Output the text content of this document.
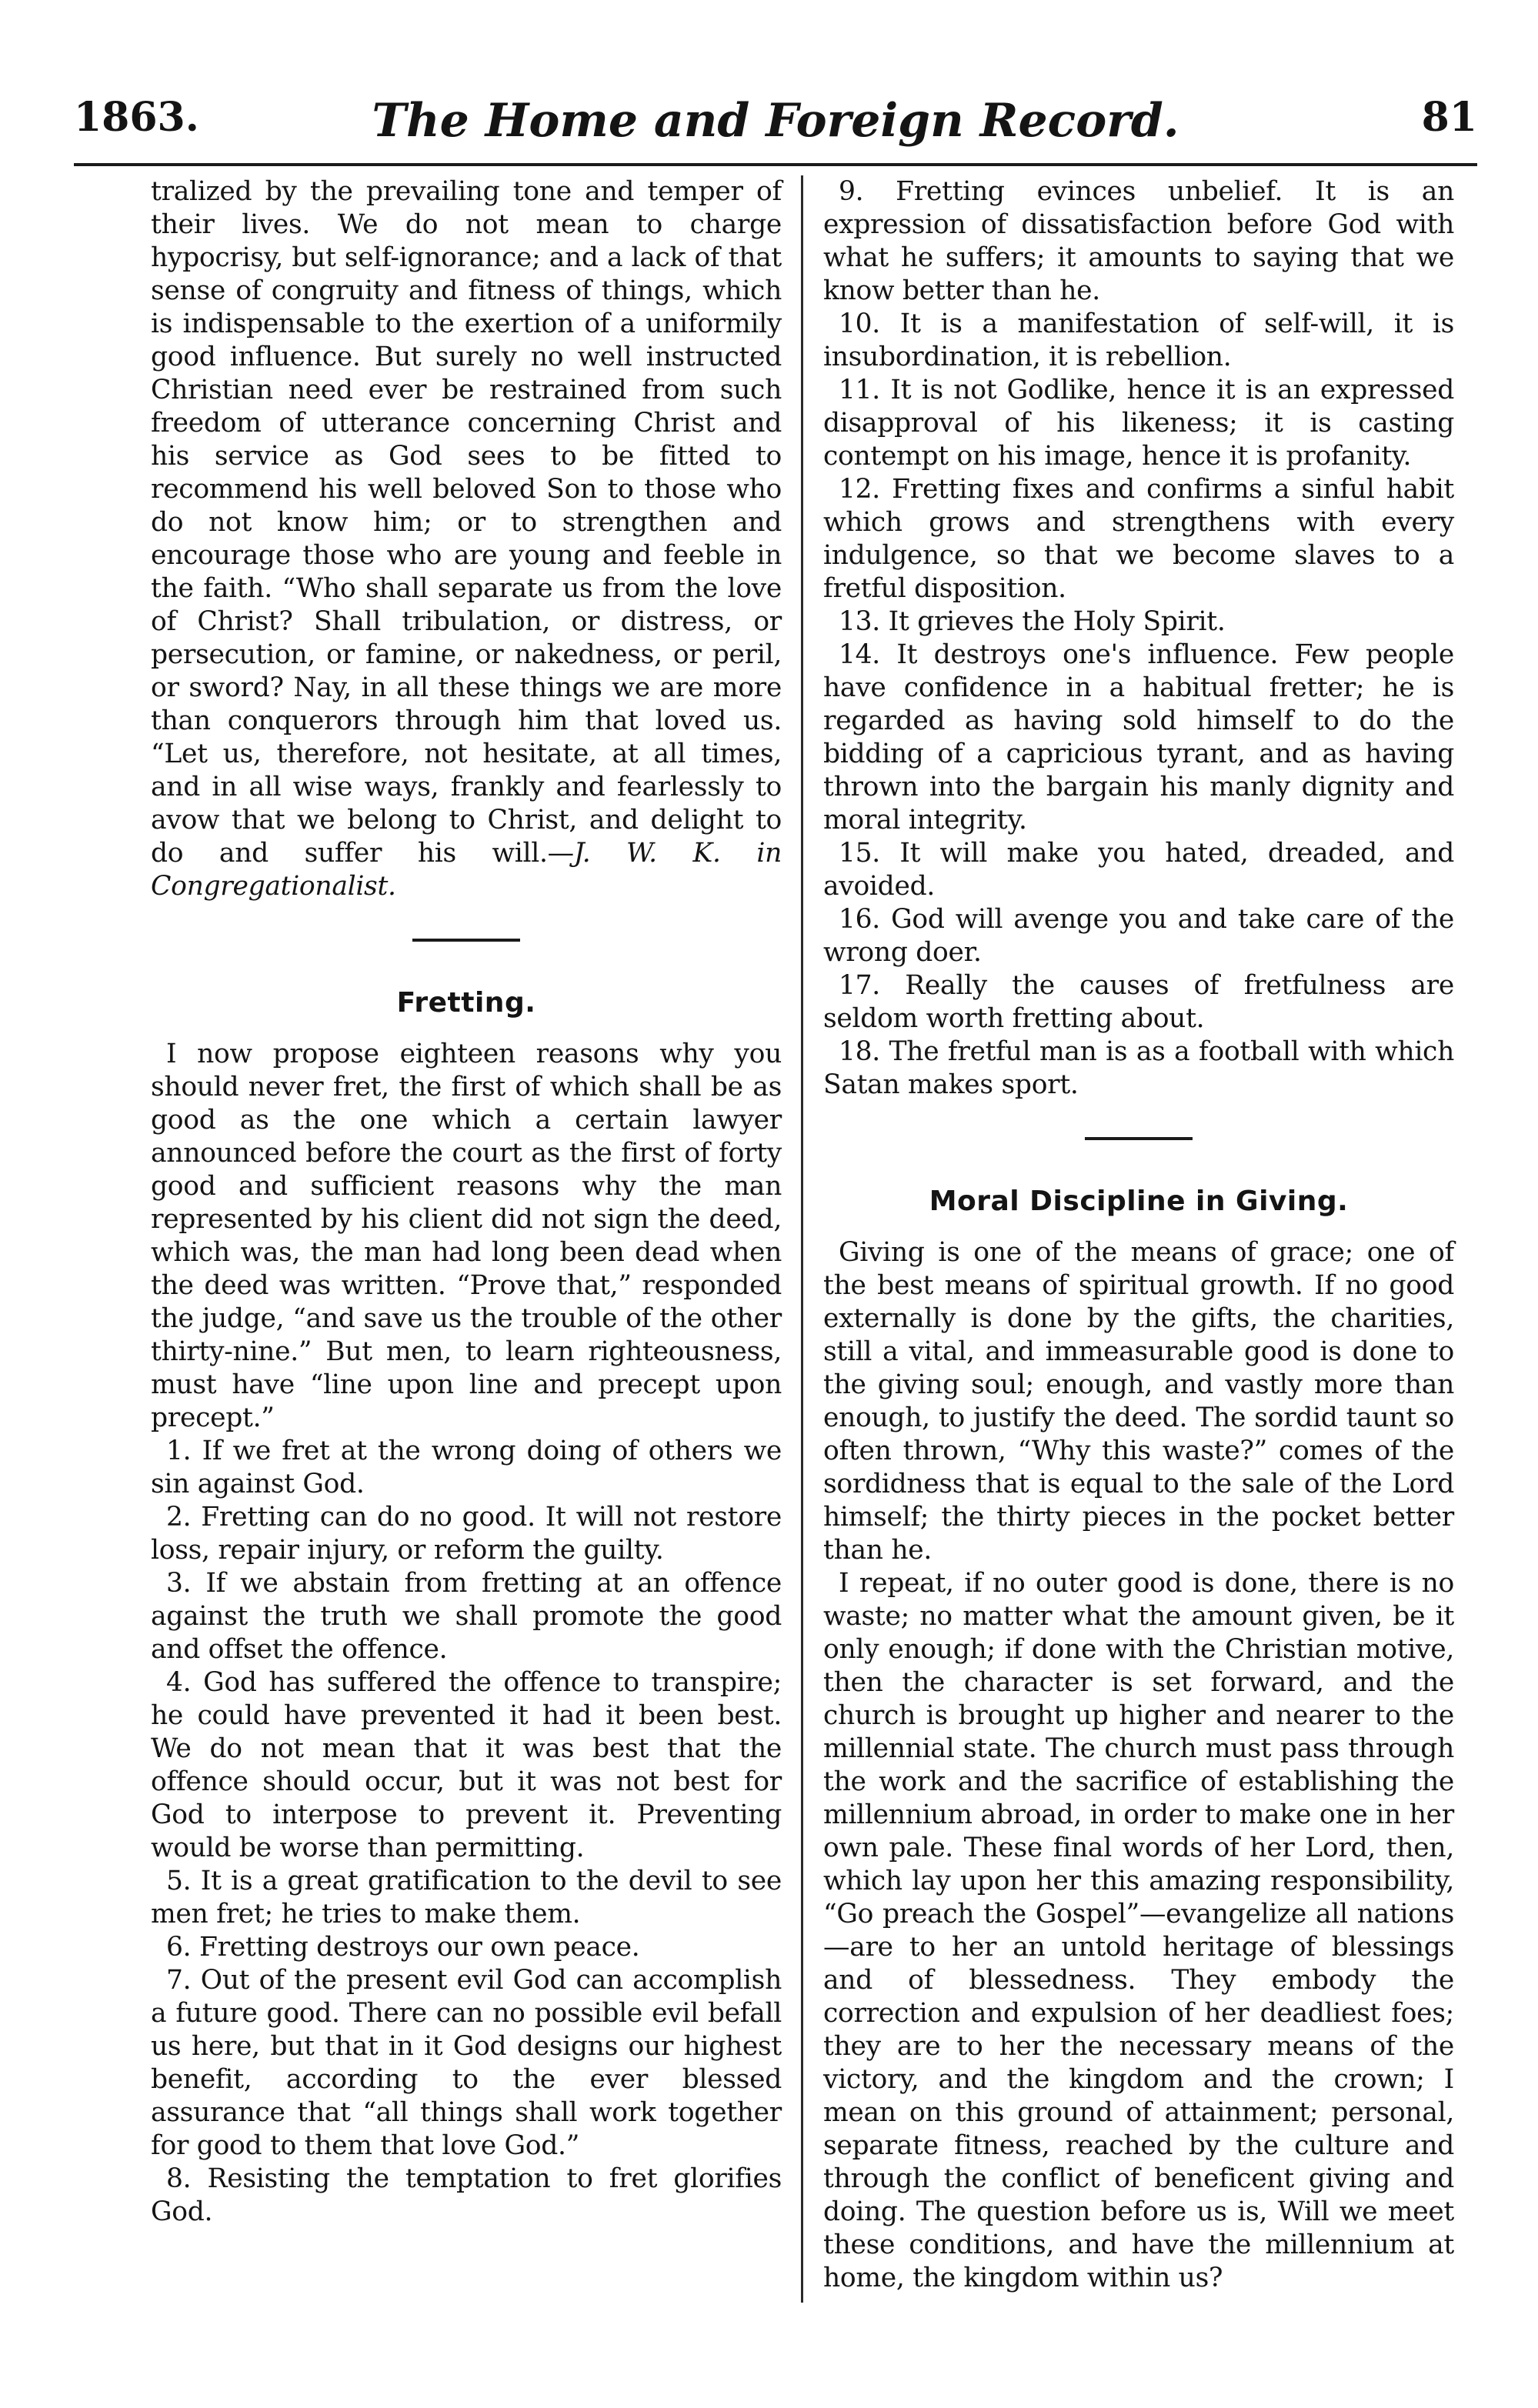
1863.	The Home and Foreign Record.	81

tralized by the prevailing tone and temper of their lives. We do not mean to charge hypocrisy, but self-ignorance; and a lack of that sense of congruity and fitness of things, which is indispensable to the exertion of a uniformily good influence. But surely no well instructed Christian need ever be restrained from such freedom of utterance concerning Christ and his service as God sees to be fitted to recommend his well beloved Son to those who do not know him; or to strengthen and encourage those who are young and feeble in the faith. “Who shall separate us from the love of Christ? Shall tribulation, or distress, or persecution, or famine, or nakedness, or peril, or sword? Nay, in all these things we are more than conquerors through him that loved us. “Let us, therefore, not hesitate, at all times, and in all wise ways, frankly and fearlessly to avow that we belong to Christ, and delight to do and suffer his will.—J. W. K. in Congregationalist.

Fretting.

I now propose eighteen reasons why you should never fret, the first of which shall be as good as the one which a certain lawyer announced before the court as the first of forty good and sufficient reasons why the man represented by his client did not sign the deed, which was, the man had long been dead when the deed was written. “Prove that,” responded the judge, “and save us the trouble of the other thirty-nine.” But men, to learn righteousness, must have “line upon line and precept upon precept.”

1. If we fret at the wrong doing of others we sin against God.

2. Fretting can do no good. It will not restore loss, repair injury, or reform the guilty.

3. If we abstain from fretting at an offence against the truth we shall promote the good and offset the offence.

4. God has suffered the offence to transpire; he could have prevented it had it been best. We do not mean that it was best that the offence should occur, but it was not best for God to interpose to prevent it. Preventing would be worse than permitting.

5. It is a great gratification to the devil to see men fret; he tries to make them.

6. Fretting destroys our own peace.

7. Out of the present evil God can accomplish a future good. There can no possible evil befall us here, but that in it God designs our highest benefit, according to the ever blessed assurance that “all things shall work together for good to them that love God.”

8. Resisting the temptation to fret glorifies God.

9. Fretting evinces unbelief. It is an expression of dissatisfaction before God with what he suffers; it amounts to saying that we know better than he.

10. It is a manifestation of self-will, it is insubordination, it is rebellion.

11. It is not Godlike, hence it is an expressed disapproval of his likeness; it is casting contempt on his image, hence it is profanity.

12. Fretting fixes and confirms a sinful habit which grows and strengthens with every indulgence, so that we become slaves to a fretful disposition.

13. It grieves the Holy Spirit.

14. It destroys one's influence. Few people have confidence in a habitual fretter; he is regarded as having sold himself to do the bidding of a capricious tyrant, and as having thrown into the bargain his manly dignity and moral integrity.

15. It will make you hated, dreaded, and avoided.

16. God will avenge you and take care of the wrong doer.

17. Really the causes of fretfulness are seldom worth fretting about.

18. The fretful man is as a football with which Satan makes sport.

Moral Discipline in Giving.

Giving is one of the means of grace; one of the best means of spiritual growth. If no good externally is done by the gifts, the charities, still a vital, and immeasurable good is done to the giving soul; enough, and vastly more than enough, to justify the deed. The sordid taunt so often thrown, “Why this waste?” comes of the sordidness that is equal to the sale of the Lord himself; the thirty pieces in the pocket better than he.

I repeat, if no outer good is done, there is no waste; no matter what the amount given, be it only enough; if done with the Christian motive, then the character is set forward, and the church is brought up higher and nearer to the millennial state. The church must pass through the work and the sacrifice of establishing the millennium abroad, in order to make one in her own pale. These final words of her Lord, then, which lay upon her this amazing responsibility, “Go preach the Gospel”—evangelize all nations —are to her an untold heritage of blessings and of blessedness. They embody the correction and expulsion of her deadliest foes; they are to her the necessary means of the victory, and the kingdom and the crown; I mean on this ground of attainment; personal, separate fitness, reached by the culture and through the conflict of beneficent giving and doing. The question before us is, Will we meet these conditions, and have the millennium at home, the kingdom within us?
